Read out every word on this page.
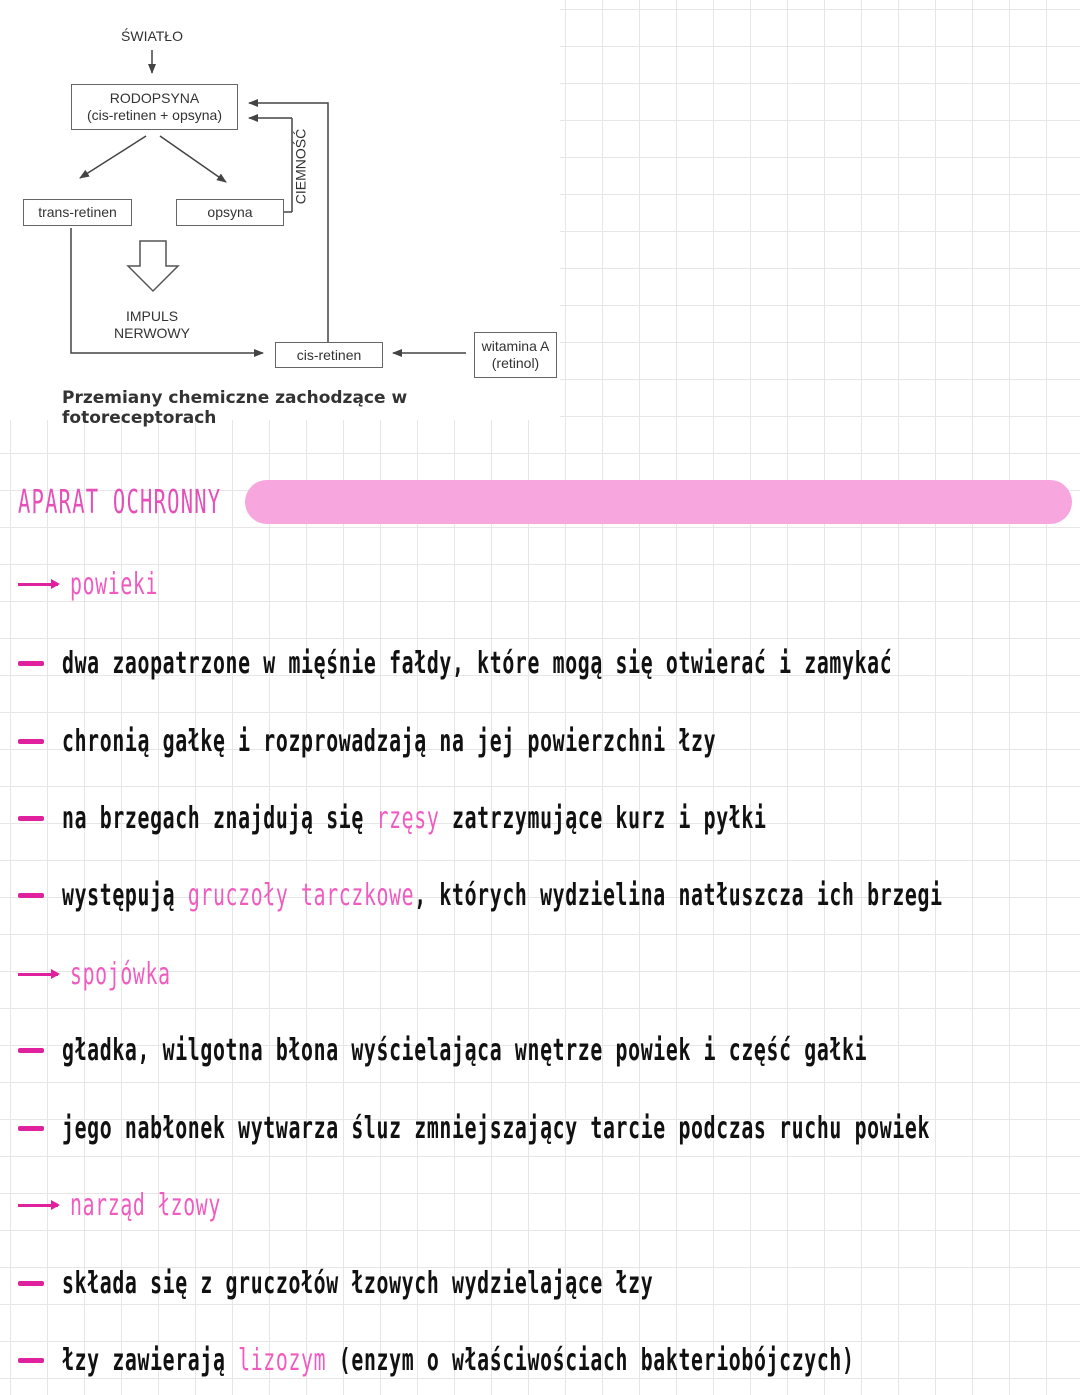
ŚWIATŁO
RODOPSYNA
(cis-retinen + opsyna)
CIEMNOŚĆ
trans-retinen	opsyna
IMPULS
NERWOWY
cis-retinen
witamina A
(retinol)
Przemiany chemiczne zachodzące w fotoreceptorach
APARAT OCHRONNY
powieki
dwa zaopatrzone w mięśnie fałdy, które mogą się otwierać i zamykać
chronią gałkę i rozprowadzają na jej powierzchni łzy
na brzegach znajdują się rzęsy zatrzymujące kurz i pyłki
występują gruczoły tarczkowe, których wydzielina natłuszcza ich brzegi
spojówka
gładka, wilgotna błona wyścielająca wnętrze powiek i część gałki
jego nabłonek wytwarza śluz zmniejszający tarcie podczas ruchu powiek
narząd łzowy
składa się z gruczołów łzowych wydzielające łzy
łzy zawierają lizozym (enzym o właściwościach bakteriobójczych)
